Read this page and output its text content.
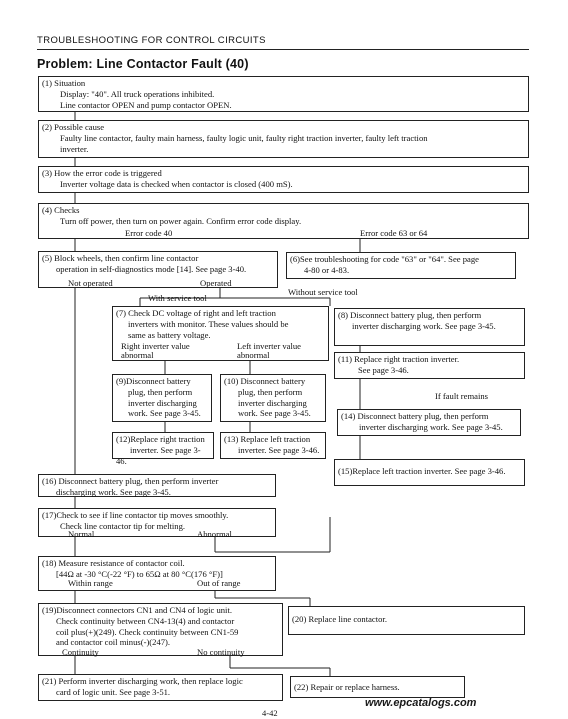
TROUBLESHOOTING FOR CONTROL CIRCUITS
Problem: Line Contactor Fault (40)
(1) Situation
Display: "40". All truck operations inhibited.
Line contactor OPEN and pump contactor OPEN.
(2) Possible cause
Faulty line contactor, faulty main harness, faulty logic unit, faulty right traction inverter, faulty left traction
inverter.
(3) How the error code is triggered
Inverter voltage data is checked when contactor is closed (400 mS).
(4) Checks
Turn off power, then turn on power again. Confirm error code display.
Error code 40	Error code 63 or 64
(5) Block wheels, then confirm line contactor
operation in self-diagnostics mode [14]. See page 3-40.
Not operated	Operated
(6)See troubleshooting for code "63" or "64". See page
4-80 or 4-83.
With service tool
Without service tool
(7) Check DC voltage of right and left traction
inverters with monitor. These values should be
same as battery voltage.
Right inverter value
abnormal
Left inverter value
abnormal
(8) Disconnect battery plug, then perform
inverter discharging work. See page 3-45.
(9)Disconnect battery
plug, then perform
inverter discharging
work. See page 3-45.
(10) Disconnect battery
plug, then perform
inverter discharging
work. See page 3-45.
(11) Replace right traction inverter.
See page 3-46.
If fault remains
(14) Disconnect battery plug, then perform
inverter discharging work. See page 3-45.
(12)Replace right traction
inverter. See page 3-46.
(13) Replace left traction
inverter. See page 3-46.
(15)Replace left traction inverter. See page 3-46.
(16) Disconnect battery plug, then perform inverter
discharging work. See page 3-45.
(17)Check to see if line contactor tip moves smoothly.
Check line contactor tip for melting.
Normal	Abnormal
(18) Measure resistance of contactor coil.
[44Ω at -30 °C(-22 °F) to 65Ω at 80 °C(176 °F)]
Within range	Out of range
(19)Disconnect connectors CN1 and CN4 of logic unit.
Check continuity between CN4-13(4) and contactor
coil plus(+)(249). Check continuity between CN1-59
and contactor coil minus(-)(247).
Continuity	No continuity
(20) Replace line contactor.
(21) Perform inverter discharging work, then replace logic
card of logic unit. See page 3-51.	(22) Repair or replace harness.
www.epcatalogs.com
4-42
